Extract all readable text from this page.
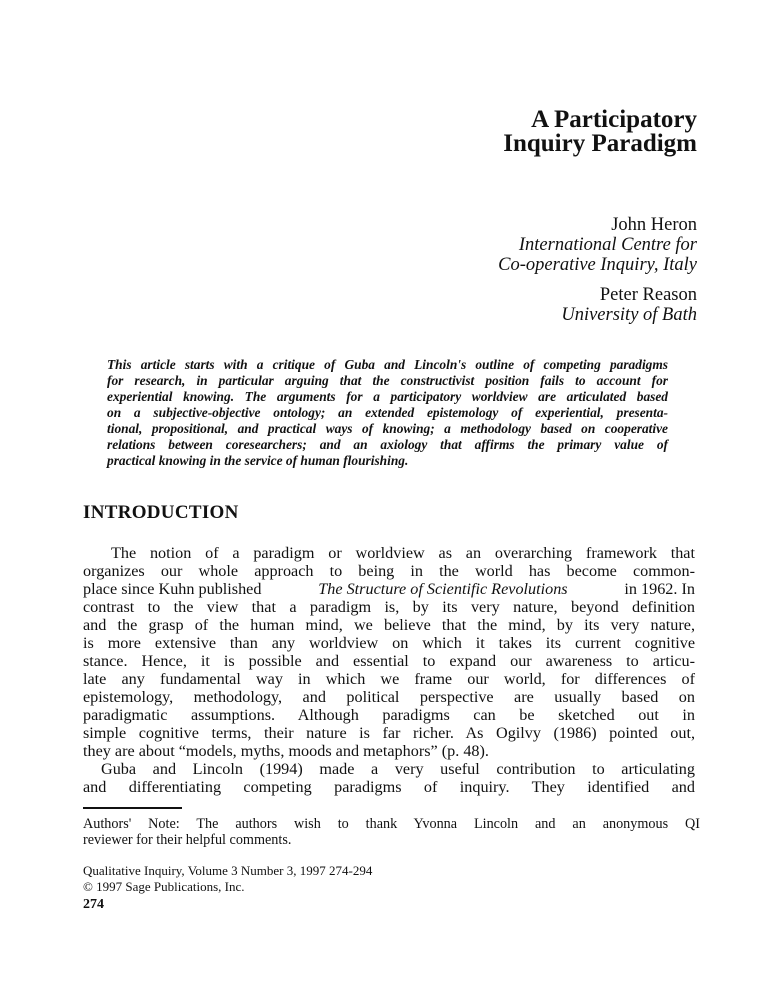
A Participatory
Inquiry Paradigm
John Heron
International Centre for
Co-operative Inquiry, Italy
Peter Reason
University of Bath
This article starts with a critique of Guba and Lincoln's outline of competing paradigms
for research, in particular arguing that the constructivist position fails to account for
experiential knowing. The arguments for a participatory worldview are articulated based
on a subjective-objective ontology; an extended epistemology of experiential, presenta-
tional, propositional, and practical ways of knowing; a methodology based on cooperative
relations between coresearchers; and an axiology that affirms the primary value of
practical knowing in the service of human flourishing.
INTRODUCTION
The notion of a paradigm or worldview as an overarching framework that
organizes our whole approach to being in the world has become common-
place since Kuhn published	The Structure of Scientific Revolutions	in 1962. In
contrast to the view that a paradigm is, by its very nature, beyond definition
and the grasp of the human mind, we believe that the mind, by its very nature,
is more extensive than any worldview on which it takes its current cognitive
stance. Hence, it is possible and essential to expand our awareness to articu-
late any fundamental way in which we frame our world, for differences of
epistemology, methodology, and political perspective are usually based on
paradigmatic assumptions. Although paradigms can be sketched out in
simple cognitive terms, their nature is far richer. As Ogilvy (1986) pointed out,
they are about “models, myths, moods and metaphors” (p. 48).
Guba and Lincoln (1994) made a very useful contribution to articulating
and differentiating competing paradigms of inquiry. They identified and
Authors' Note: The authors wish to thank Yvonna Lincoln and an anonymous QI
reviewer for their helpful comments.
Qualitative Inquiry, Volume 3 Number 3, 1997 274-294
© 1997 Sage Publications, Inc.
274
